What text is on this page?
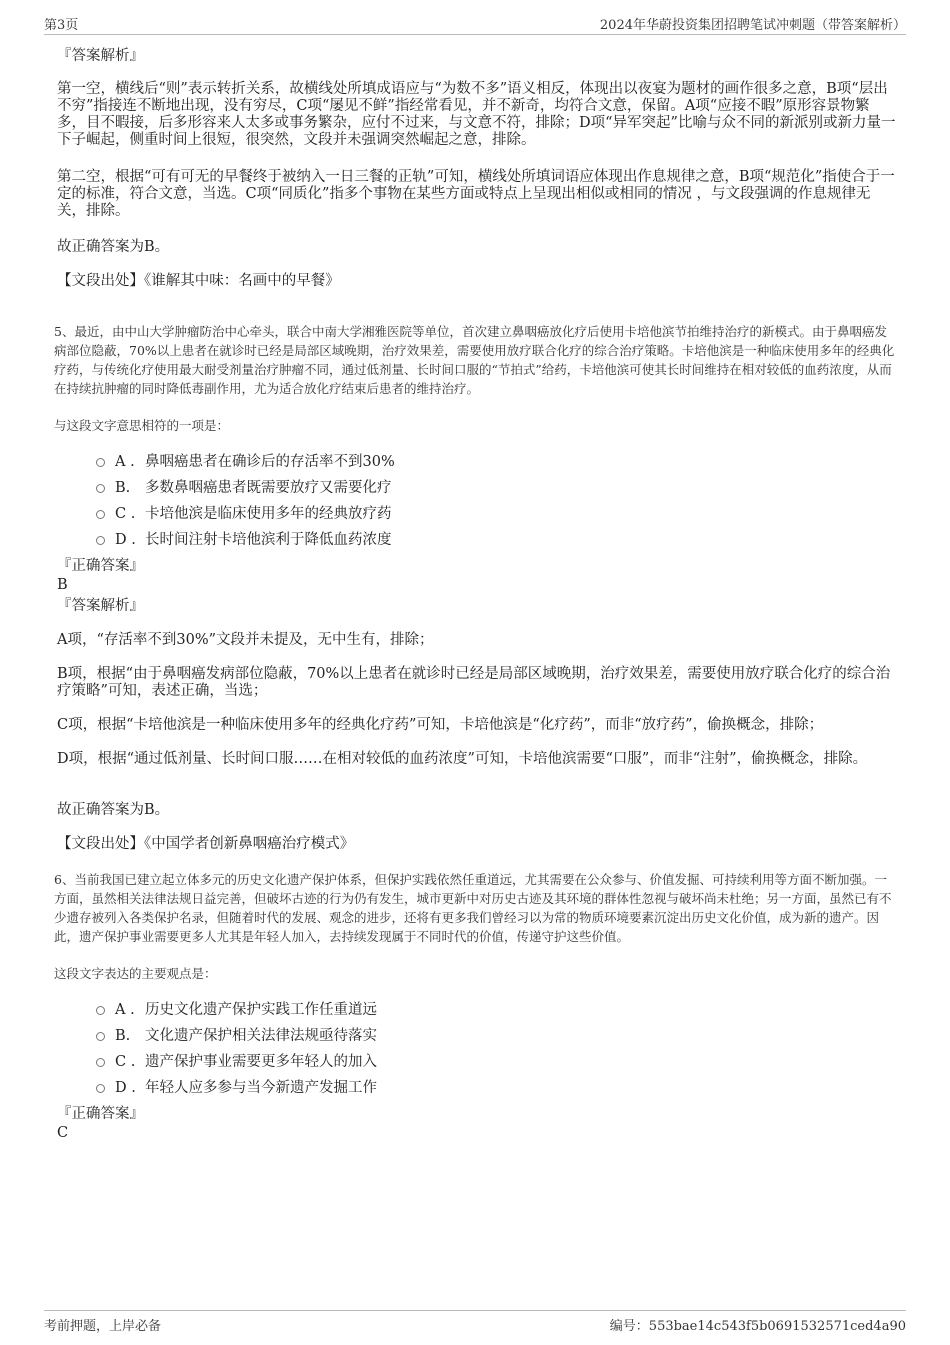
第3页	2024年华蔚投资集团招聘笔试冲刺题（带答案解析）
『答案解析』
第一空，横线后“则”表示转折关系，故横线处所填成语应与“为数不多”语义相反，体现出以夜宴为题材的画作很多之意，B项“层出不穷”指接连不断地出现，没有穷尽，C项“屡见不鲜”指经常看见，并不新奇，均符合文意，保留。A项“应接不暇”原形容景物繁多，目不暇接，后多形容来人太多或事务繁杂，应付不过来，与文意不符，排除；D项“异军突起”比喻与众不同的新派别或新力量一下子崛起，侧重时间上很短，很突然，文段并未强调突然崛起之意，排除。
第二空，根据“可有可无的早餐终于被纳入一日三餐的正轨”可知，横线处所填词语应体现出作息规律之意，B项“规范化”指使合于一定的标准，符合文意，当选。C项“同质化”指多个事物在某些方面或特点上呈现出相似或相同的情况 ，与文段强调的作息规律无关，排除。
故正确答案为B。
【文段出处】《谁解其中味：名画中的早餐》
5、最近，由中山大学肿瘤防治中心牵头，联合中南大学湘雅医院等单位，首次建立鼻咽癌放化疗后使用卡培他滨节拍维持治疗的新模式。由于鼻咽癌发病部位隐蔽，70%以上患者在就诊时已经是局部区域晚期，治疗效果差，需要使用放疗联合化疗的综合治疗策略。卡培他滨是一种临床使用多年的经典化疗药，与传统化疗使用最大耐受剂量治疗肿瘤不同，通过低剂量、长时间口服的“节拍式”给药，卡培他滨可使其长时间维持在相对较低的血药浓度，从而在持续抗肿瘤的同时降低毒副作用，尤为适合放化疗结束后患者的维持治疗。
与这段文字意思相符的一项是：
A . 鼻咽癌患者在确诊后的存活率不到30%
B. 多数鼻咽癌患者既需要放疗又需要化疗
C . 卡培他滨是临床使用多年的经典放疗药
D . 长时间注射卡培他滨利于降低血药浓度
『正确答案』
B
『答案解析』
A项，“存活率不到30%”文段并未提及，无中生有，排除；
B项，根据“由于鼻咽癌发病部位隐蔽，70%以上患者在就诊时已经是局部区域晚期，治疗效果差，需要使用放疗联合化疗的综合治疗策略”可知，表述正确，当选；
C项，根据“卡培他滨是一种临床使用多年的经典化疗药”可知，卡培他滨是“化疗药”，而非“放疗药”，偷换概念，排除；
D项，根据“通过低剂量、长时间口服……在相对较低的血药浓度”可知，卡培他滨需要“口服”，而非“注射”，偷换概念，排除。
故正确答案为B。
【文段出处】《中国学者创新鼻咽癌治疗模式》
6、当前我国已建立起立体多元的历史文化遗产保护体系，但保护实践依然任重道远，尤其需要在公众参与、价值发掘、可持续利用等方面不断加强。一方面，虽然相关法律法规日益完善，但破坏古迹的行为仍有发生，城市更新中对历史古迹及其环境的群体性忽视与破坏尚未杜绝；另一方面，虽然已有不少遗存被列入各类保护名录，但随着时代的发展、观念的进步，还将有更多我们曾经习以为常的物质环境要素沉淀出历史文化价值，成为新的遗产。因此，遗产保护事业需要更多人尤其是年轻人加入，去持续发现属于不同时代的价值，传递守护这些价值。
这段文字表达的主要观点是：
A . 历史文化遗产保护实践工作任重道远
B. 文化遗产保护相关法律法规亟待落实
C . 遗产保护事业需要更多年轻人的加入
D . 年轻人应多参与当今新遗产发掘工作
『正确答案』
C
考前押题，上岸必备	编号：553bae14c543f5b0691532571ced4a90
